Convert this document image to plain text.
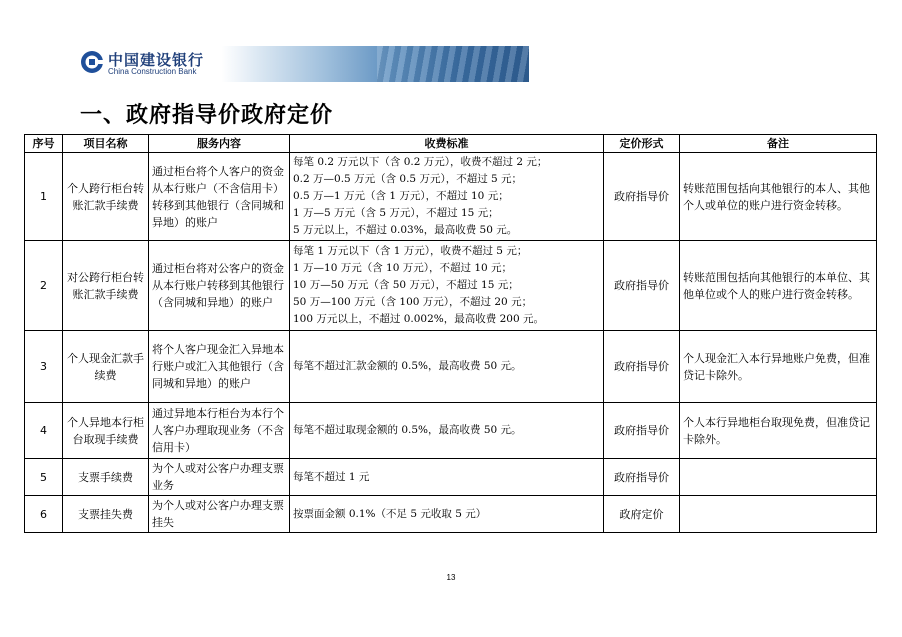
中国建设银行
China Construction Bank
一、政府指导价政府定价
序号	项目名称	服务内容	收费标准	定价形式	备注
1	个人跨行柜台转账汇款手续费	通过柜台将个人客户的资金从本行账户（不含信用卡）转移到其他银行（含同城和异地）的账户	每笔 0.2 万元以下（含 0.2 万元），收费不超过 2 元；
0.2 万—0.5 万元（含 0.5 万元），不超过 5 元；
0.5 万—1 万元（含 1 万元），不超过 10 元；
1 万—5 万元（含 5 万元），不超过 15 元；
5 万元以上，不超过 0.03%，最高收费 50 元。	政府指导价	转账范围包括向其他银行的本人、其他个人或单位的账户进行资金转移。
2	对公跨行柜台转账汇款手续费	通过柜台将对公客户的资金从本行账户转移到其他银行（含同城和异地）的账户	每笔 1 万元以下（含 1 万元），收费不超过 5 元；
1 万—10 万元（含 10 万元），不超过 10 元；
10 万—50 万元（含 50 万元），不超过 15 元；
50 万—100 万元（含 100 万元），不超过 20 元；
100 万元以上，不超过 0.002%，最高收费 200 元。	政府指导价	转账范围包括向其他银行的本单位、其他单位或个人的账户进行资金转移。
3	个人现金汇款手续费	将个人客户现金汇入异地本行账户或汇入其他银行（含同城和异地）的账户	每笔不超过汇款金额的 0.5%，最高收费 50 元。	政府指导价	个人现金汇入本行异地账户免费，但准贷记卡除外。
4	个人异地本行柜台取现手续费	通过异地本行柜台为本行个人客户办理取现业务（不含信用卡）	每笔不超过取现金额的 0.5%，最高收费 50 元。	政府指导价	个人本行异地柜台取现免费，但准贷记卡除外。
5	支票手续费	为个人或对公客户办理支票业务	每笔不超过 1 元	政府指导价	
6	支票挂失费	为个人或对公客户办理支票挂失	按票面金额 0.1%（不足 5 元收取 5 元）	政府定价	
13
